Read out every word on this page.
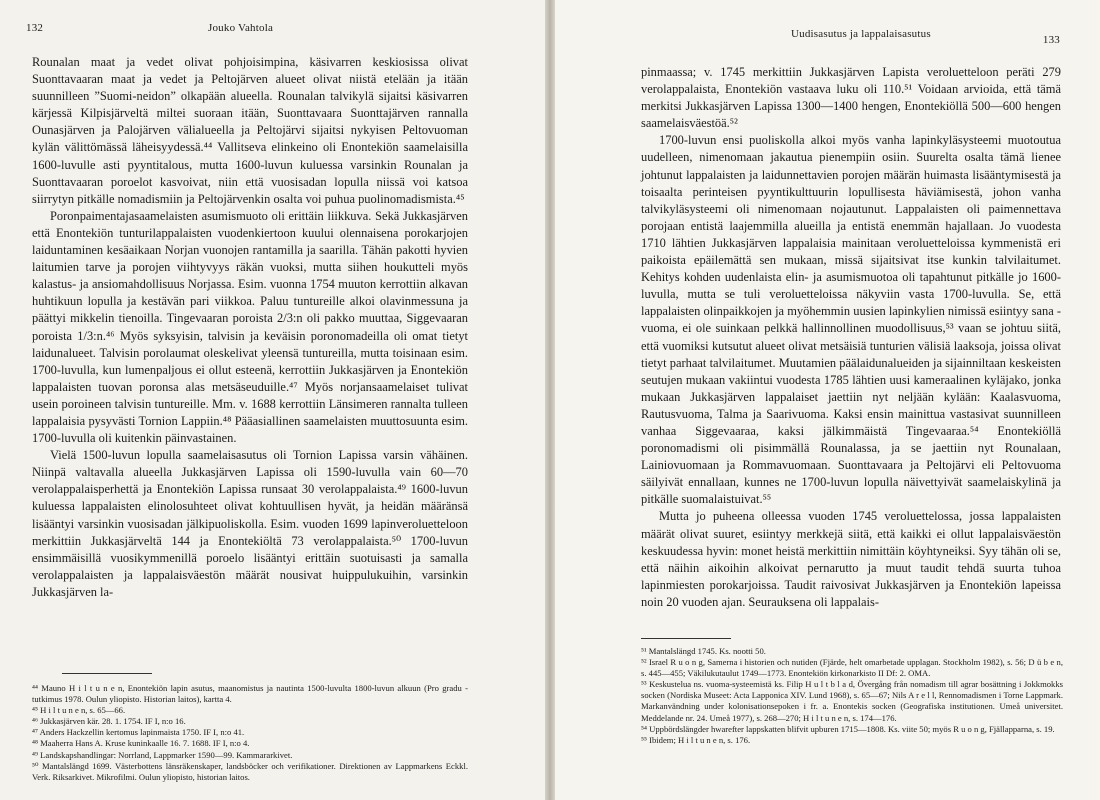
132	Jouko Vahtola

Rounalan maat ja vedet olivat pohjoisimpina, käsivarren keskiosissa olivat Suonttavaaran maat ja vedet ja Peltojärven alueet olivat niistä etelään ja itään suunnilleen ”Suomi-neidon” olkapään alueella. Rounalan talvikylä sijaitsi käsivarren kärjessä Kilpisjärveltä miltei suoraan itään, Suonttavaara Suonttajärven rannalla Ounasjärven ja Palojärven välialueella ja Peltojärvi sijaitsi nykyisen Peltovuoman kylän välittömässä läheisyydessä.⁴⁴ Vallitseva elinkeino oli Enontekiön saamelaisilla 1600-luvulle asti pyyntitalous, mutta 1600-luvun kuluessa varsinkin Rounalan ja Suonttavaaran poroelot kasvoivat, niin että vuosisadan lopulla niissä voi katsoa siirrytyn pitkälle nomadismiin ja Peltojärvenkin osalta voi puhua puolinomadismista.⁴⁵

Poronpaimentajasaamelaisten asumismuoto oli erittäin liikkuva. Sekä Jukkasjärven että Enontekiön tunturilappalaisten vuodenkiertoon kuului olennaisena porokarjojen laiduntaminen kesäaikaan Norjan vuonojen rantamilla ja saarilla. Tähän pakotti hyvien laitumien tarve ja porojen viihtyvyys räkän vuoksi, mutta siihen houkutteli myös kalastus- ja ansiomahdollisuus Norjassa. Esim. vuonna 1754 muuton kerrottiin alkavan huhtikuun lopulla ja kestävän pari viikkoa. Paluu tuntureille alkoi olavinmessuna ja päättyi mikkelin tienoilla. Tingevaaran poroista 2/3:n oli pakko muuttaa, Siggevaaran poroista 1/3:n.⁴⁶ Myös syksyisin, talvisin ja keväisin poronomadeilla oli omat tietyt laidunalueet. Talvisin porolaumat oleskelivat yleensä tuntureilla, mutta toisinaan esim. 1700-luvulla, kun lumenpaljous ei ollut esteenä, kerrottiin Jukkasjärven ja Enontekiön lappalaisten tuovan poronsa alas metsäseuduille.⁴⁷ Myös norjansaamelaiset tulivat usein poroineen talvisin tuntureille. Mm. v. 1688 kerrottiin Länsimeren rannalta tulleen lappalaisia pysyvästi Tornion Lappiin.⁴⁸ Pääasiallinen saamelaisten muuttosuunta esim. 1700-luvulla oli kuitenkin päinvastainen.

Vielä 1500-luvun lopulla saamelaisasutus oli Tornion Lapissa varsin vähäinen. Niinpä valtavalla alueella Jukkasjärven Lapissa oli 1590-luvulla vain 60—70 verolappalaisperhettä ja Enontekiön Lapissa runsaat 30 verolappalaista.⁴⁹ 1600-luvun kuluessa lappalaisten elinolosuhteet olivat kohtuullisen hyvät, ja heidän määränsä lisääntyi varsinkin vuosisadan jälkipuoliskolla. Esim. vuoden 1699 lapinveroluetteloon merkittiin Jukkasjärveltä 144 ja Enontekiöltä 73 verolappalaista.⁵⁰ 1700-luvun ensimmäisillä vuosikymmenillä poroelo lisääntyi erittäin suotuisasti ja samalla verolappalaisten ja lappalaisväestön määrät nousivat huippulukuihin, varsinkin Jukkasjärven la-

⁴⁴ Mauno H i l t u n e n, Enontekiön lapin asutus, maanomistus ja nautinta 1500-luvulta 1800-luvun alkuun (Pro gradu -tutkimus 1978. Oulun yliopisto. Historian laitos), kartta 4.

⁴⁵ H i l t u n e n, s. 65—66.

⁴⁶ Jukkasjärven kär. 28. 1. 1754. IF I, n:o 16.

⁴⁷ Anders Hackzellin kertomus lapinmaista 1750. IF I, n:o 41.

⁴⁸ Maaherra Hans A. Kruse kuninkaalle 16. 7. 1688. IF I, n:o 4.

⁴⁹ Landskapshandlingar: Norrland, Lappmarker 1590—99. Kammararkivet.

⁵⁰ Mantalslängd 1699. Västerbottens länsräkenskaper, landsböcker och verifikationer. Direktionen av Lappmarkens Eckkl. Verk. Riksarkivet. Mikrofilmi. Oulun yliopisto, historian laitos.

Uudisasutus ja lappalaisasutus	133

pinmaassa; v. 1745 merkittiin Jukkasjärven Lapista veroluetteloon peräti 279 verolappalaista, Enontekiön vastaava luku oli 110.⁵¹ Voidaan arvioida, että tämä merkitsi Jukkasjärven Lapissa 1300—1400 hengen, Enontekiöllä 500—600 hengen saamelaisväestöä.⁵²

1700-luvun ensi puoliskolla alkoi myös vanha lapinkyläsysteemi muotoutua uudelleen, nimenomaan jakautua pienempiin osiin. Suurelta osalta tämä lienee johtunut lappalaisten ja laidunnettavien porojen määrän huimasta lisääntymisestä ja toisaalta perinteisen pyyntikulttuurin lopullisesta häviämisestä, johon vanha talvikyläsysteemi oli nimenomaan nojautunut. Lappalaisten oli paimennettava porojaan entistä laajemmilla alueilla ja entistä enemmän hajallaan. Jo vuodesta 1710 lähtien Jukkasjärven lappalaisia mainitaan veroluetteloissa kymmenistä eri paikoista epäilemättä sen mukaan, missä sijaitsivat itse kunkin talvilaitumet. Kehitys kohden uudenlaista elin- ja asumismuotoa oli tapahtunut pitkälle jo 1600-luvulla, mutta se tuli veroluetteloissa näkyviin vasta 1700-luvulla. Se, että lappalaisten olinpaikkojen ja myöhemmin uusien lapinkylien nimissä esiintyy sana -vuoma, ei ole suinkaan pelkkä hallinnollinen muodollisuus,⁵³ vaan se johtuu siitä, että vuomiksi kutsutut alueet olivat metsäisiä tunturien välisiä laaksoja, joissa olivat tietyt parhaat talvilaitumet. Muutamien päälaidunalueiden ja sijainniltaan keskeisten seutujen mukaan vakiintui vuodesta 1785 lähtien uusi kameraalinen kyläjako, jonka mukaan Jukkasjärven lappalaiset jaettiin nyt neljään kylään: Kaalasvuoma, Rautusvuoma, Talma ja Saarivuoma. Kaksi ensin mainittua vastasivat suunnilleen vanhaa Siggevaaraa, kaksi jälkimmäistä Tingevaaraa.⁵⁴ Enontekiöllä poronomadismi oli pisimmällä Rounalassa, ja se jaettiin nyt Rounalaan, Lainiovuomaan ja Rommavuomaan. Suonttavaara ja Peltojärvi eli Peltovuoma säilyivät ennallaan, kunnes ne 1700-luvun lopulla näivettyivät saamelaiskylinä ja pitkälle suomalaistuivat.⁵⁵

Mutta jo puheena olleessa vuoden 1745 veroluettelossa, jossa lappalaisten määrät olivat suuret, esiintyy merkkejä siitä, että kaikki ei ollut lappalaisväestön keskuudessa hyvin: monet heistä merkittiin nimittäin köyhtyneiksi. Syy tähän oli se, että näihin aikoihin alkoivat pernarutto ja muut taudit tehdä suurta tuhoa lapinmiesten porokarjoissa. Taudit raivosivat Jukkasjärven ja Enontekiön lapeissa noin 20 vuoden ajan. Seurauksena oli lappalais-

⁵¹ Mantalslängd 1745. Ks. nootti 50.

⁵² Israel R u o n g, Samerna i historien och nutiden (Fjärde, helt omarbetade upplagan. Stockholm 1982), s. 56; D ü b e n, s. 445—455; Väkilukutaulut 1749—1773. Enontekiön kirkonarkisto II Df: 2. OMA.

⁵³ Keskustelua ns. vuoma-systeemistä ks. Filip H u l t b l a d, Övergång från nomadism till agrar bosättning i Jokkmokks socken (Nordiska Museet: Acta Lapponica XIV. Lund 1968), s. 65—67; Nils A r e l l, Rennomadismen i Torne Lappmark. Markanvändning under kolonisationsepoken i fr. a. Enontekis socken (Geografiska institutionen. Umeå universitet. Meddelande nr. 24. Umeå 1977), s. 268—270; H i l t u n e n, s. 174—176.

⁵⁴ Uppbördslängder hwarefter lappskatten blifvit upburen 1715—1808. Ks. viite 50; myös R u o n g, Fjällapparna, s. 19.

⁵⁵ Ibidem; H i l t u n e n, s. 176.
